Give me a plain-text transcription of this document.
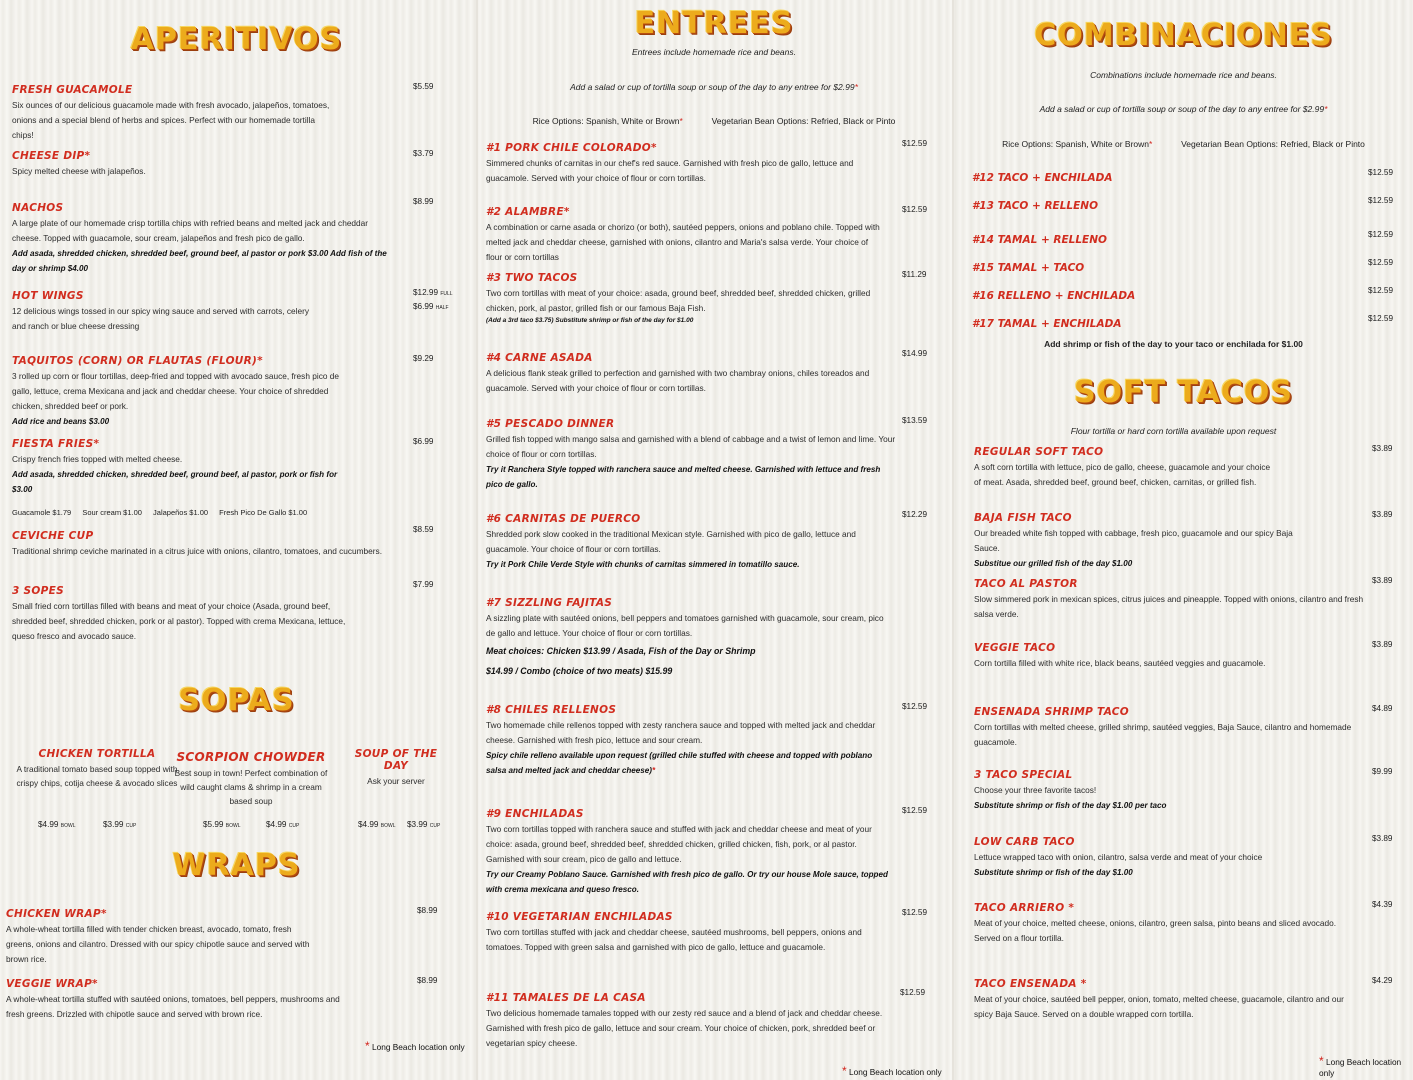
APERITIVOS
FRESH GUACAMOLE
Six ounces of our delicious guacamole made with fresh avocado, jalapeños, tomatoes, onions and a special blend of herbs and spices. Perfect with our homemade tortilla chips!
$5.59
CHEESE DIP*
Spicy melted cheese with jalapeños.
$3.79
NACHOS
A large plate of our homemade crisp tortilla chips with refried beans and melted jack and cheddar cheese. Topped with guacamole, sour cream, jalapeños and fresh pico de gallo.
Add asada, shredded chicken, shredded beef, ground beef, al pastor or pork $3.00 Add fish of the day or shrimp $4.00
$8.99
HOT WINGS
12 delicious wings tossed in our spicy wing sauce and served with carrots, celery and ranch or blue cheese dressing
$12.99 FULL
$6.99 HALF
TAQUITOS (CORN) OR FLAUTAS (FLOUR)*
3 rolled up corn or flour tortillas, deep-fried and topped with avocado sauce, fresh pico de gallo, lettuce, crema Mexicana and jack and cheddar cheese. Your choice of shredded chicken, shredded beef or pork.
Add rice and beans $3.00
$9.29
FIESTA FRIES*
Crispy french fries topped with melted cheese.
Add asada, shredded chicken, shredded beef, ground beef, al pastor, pork or fish for $3.00
$6.99
Guacamole $1.79 Sour cream $1.00 Jalapeños $1.00 Fresh Pico De Gallo $1.00
CEVICHE CUP
Traditional shrimp ceviche marinated in a citrus juice with onions, cilantro, tomatoes, and cucumbers.
$8.59
3 SOPES
Small fried corn tortillas filled with beans and meat of your choice (Asada, ground beef, shredded beef, shredded chicken, pork or al pastor). Topped with crema Mexicana, lettuce, queso fresco and avocado sauce.
$7.99
SOPAS
CHICKEN TORTILLA
A traditional tomato based soup topped with crispy chips, cotija cheese & avocado slices
SCORPION CHOWDER
Best soup in town! Perfect combination of wild caught clams & shrimp in a cream based soup
SOUP OF THE DAY
Ask your server
$4.99 BOWL	$3.99 CUP	$5.99 BOWL	$4.99 CUP	$4.99 BOWL $3.99 CUP
WRAPS
CHICKEN WRAP*
A whole-wheat tortilla filled with tender chicken breast, avocado, tomato, fresh greens, onions and cilantro. Dressed with our spicy chipotle sauce and served with brown rice.
$8.99
VEGGIE WRAP*
A whole-wheat tortilla stuffed with sautéed onions, tomatoes, bell peppers, mushrooms and fresh greens. Drizzled with chipotle sauce and served with brown rice.
$8.99
* Long Beach location only
ENTREES
Entrees include homemade rice and beans.
Add a salad or cup of tortilla soup or soup of the day to any entree for $2.99*
Rice Options: Spanish, White or Brown*	Vegetarian Bean Options: Refried, Black or Pinto
#1 PORK CHILE COLORADO*
Simmered chunks of carnitas in our chef's red sauce. Garnished with fresh pico de gallo, lettuce and guacamole. Served with your choice of flour or corn tortillas.
$12.59
#2 ALAMBRE*
A combination or carne asada or chorizo (or both), sautéed peppers, onions and poblano chile. Topped with melted jack and cheddar cheese, garnished with onions, cilantro and Maria's salsa verde. Your choice of flour or corn tortillas
$12.59
#3 TWO TACOS
Two corn tortillas with meat of your choice: asada, ground beef, shredded beef, shredded chicken, grilled chicken, pork, al pastor, grilled fish or our famous Baja Fish.
(Add a 3rd taco $3.75) Substitute shrimp or fish of the day for $1.00
$11.29
#4 CARNE ASADA
A delicious flank steak grilled to perfection and garnished with two chambray onions, chiles toreados and guacamole. Served with your choice of flour or corn tortillas.
$14.99
#5 PESCADO DINNER
Grilled fish topped with mango salsa and garnished with a blend of cabbage and a twist of lemon and lime. Your choice of flour or corn tortillas.
Try it Ranchera Style topped with ranchera sauce and melted cheese. Garnished with lettuce and fresh pico de gallo.
$13.59
#6 CARNITAS DE PUERCO
Shredded pork slow cooked in the traditional Mexican style. Garnished with pico de gallo, lettuce and guacamole. Your choice of flour or corn tortillas.
Try it Pork Chile Verde Style with chunks of carnitas simmered in tomatillo sauce.
$12.29
#7 SIZZLING FAJITAS
A sizzling plate with sautéed onions, bell peppers and tomatoes garnished with guacamole, sour cream, pico de gallo and lettuce. Your choice of flour or corn tortillas.
Meat choices: Chicken $13.99 / Asada, Fish of the Day or Shrimp $14.99 / Combo (choice of two meats) $15.99
#8 CHILES RELLENOS
Two homemade chile rellenos topped with zesty ranchera sauce and topped with melted jack and cheddar cheese. Garnished with fresh pico, lettuce and sour cream.
Spicy chile relleno available upon request (grilled chile stuffed with cheese and topped with poblano salsa and melted jack and cheddar cheese)*
$12.59
#9 ENCHILADAS
Two corn tortillas topped with ranchera sauce and stuffed with jack and cheddar cheese and meat of your choice: asada, ground beef, shredded beef, shredded chicken, grilled chicken, fish, pork, or al pastor. Garnished with sour cream, pico de gallo and lettuce.
Try our Creamy Poblano Sauce. Garnished with fresh pico de gallo. Or try our house Mole sauce, topped with crema mexicana and queso fresco.
$12.59
#10 VEGETARIAN ENCHILADAS
Two corn tortillas stuffed with jack and cheddar cheese, sautéed mushrooms, bell peppers, onions and tomatoes. Topped with green salsa and garnished with pico de gallo, lettuce and guacamole.
$12.59
#11 TAMALES DE LA CASA
Two delicious homemade tamales topped with our zesty red sauce and a blend of jack and cheddar cheese. Garnished with fresh pico de gallo, lettuce and sour cream. Your choice of chicken, pork, shredded beef or vegetarian spicy cheese.
$12.59
* Long Beach location only
COMBINACIONES
Combinations include homemade rice and beans.
Add a salad or cup of tortilla soup or soup of the day to any entree for $2.99*
Rice Options: Spanish, White or Brown*	Vegetarian Bean Options: Refried, Black or Pinto
#12 TACO + ENCHILADA	$12.59
#13 TACO + RELLENO	$12.59
#14 TAMAL + RELLENO	$12.59
#15 TAMAL + TACO	$12.59
#16 RELLENO + ENCHILADA	$12.59
#17 TAMAL + ENCHILADA	$12.59
Add shrimp or fish of the day to your taco or enchilada for $1.00
SOFT TACOS
Flour tortilla or hard corn tortilla available upon request
REGULAR SOFT TACO
A soft corn tortilla with lettuce, pico de gallo, cheese, guacamole and your choice of meat. Asada, shredded beef, ground beef, chicken, carnitas, or grilled fish.
$3.89
BAJA FISH TACO
Our breaded white fish topped with cabbage, fresh pico, guacamole and our spicy Baja Sauce.
Substitue our grilled fish of the day $1.00
$3.89
TACO AL PASTOR
Slow simmered pork in mexican spices, citrus juices and pineapple. Topped with onions, cilantro and fresh salsa verde.
$3.89
VEGGIE TACO
Corn tortilla filled with white rice, black beans, sautéed veggies and guacamole.
$3.89
ENSENADA SHRIMP TACO
Corn tortillas with melted cheese, grilled shrimp, sautéed veggies, Baja Sauce, cilantro and homemade guacamole.
$4.89
3 TACO SPECIAL
Choose your three favorite tacos!
Substitute shrimp or fish of the day $1.00 per taco
$9.99
LOW CARB TACO
Lettuce wrapped taco with onion, cilantro, salsa verde and meat of your choice
Substitute shrimp or fish of the day $1.00
$3.89
TACO ARRIERO *
Meat of your choice, melted cheese, onions, cilantro, green salsa, pinto beans and sliced avocado. Served on a flour tortilla.
$4.39
TACO ENSENADA *
Meat of your choice, sautéed bell pepper, onion, tomato, melted cheese, guacamole, cilantro and our spicy Baja Sauce. Served on a double wrapped corn tortilla.
$4.29
* Long Beach location only
